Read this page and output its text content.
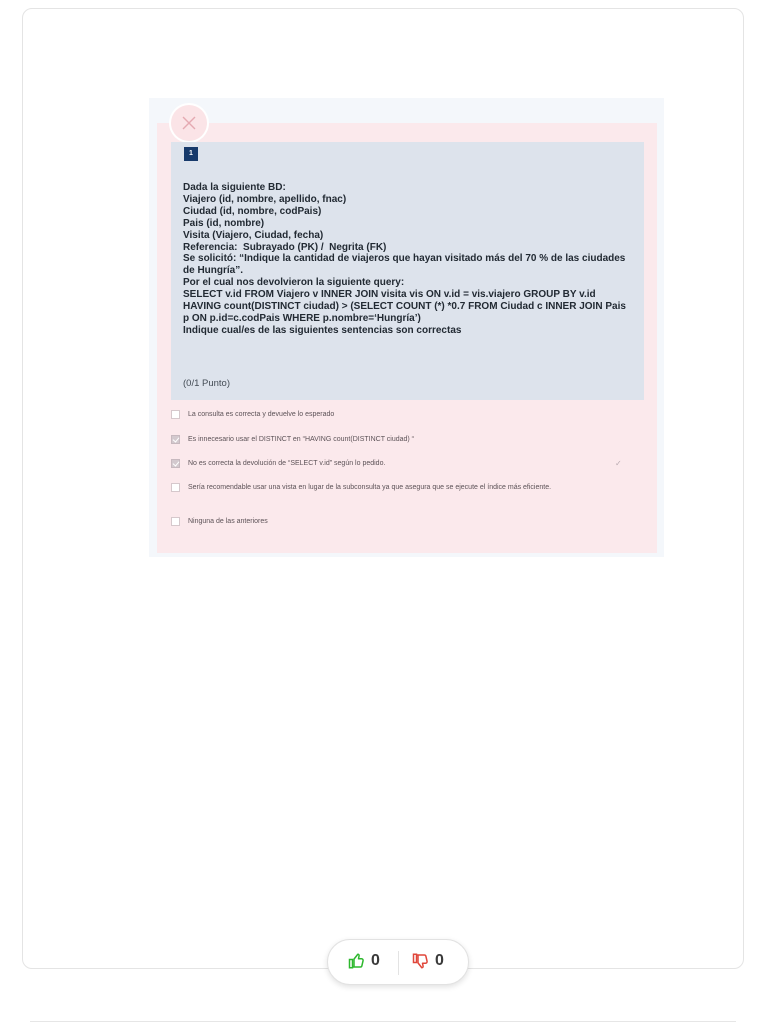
1
Dada la siguiente BD:
Viajero (id, nombre, apellido, fnac)
Ciudad (id, nombre, codPais)
Pais (id, nombre)
Visita (Viajero, Ciudad, fecha)
Referencia:  Subrayado (PK) /  Negrita (FK)
Se solicitó: “Indique la cantidad de viajeros que hayan visitado más del 70 % de las ciudades de Hungría”.
Por el cual nos devolvieron la siguiente query:
SELECT v.id FROM Viajero v INNER JOIN visita vis ON v.id = vis.viajero GROUP BY v.id HAVING count(DISTINCT ciudad) > (SELECT COUNT (*) *0.7 FROM Ciudad c INNER JOIN Pais p ON p.id=c.codPais WHERE p.nombre=‘Hungría’)
Indique cual/es de las siguientes sentencias son correctas
(0/1 Punto)
La consulta es correcta y devuelve lo esperado
Es innecesario usar el DISTINCT en “HAVING count(DISTINCT ciudad) “
No es correcta la devolución de “SELECT v.id” según lo pedido.	✓
Sería recomendable usar una vista en lugar de la subconsulta ya que asegura que se ejecute el índice más eficiente.
Ninguna de las anteriores
0	0
